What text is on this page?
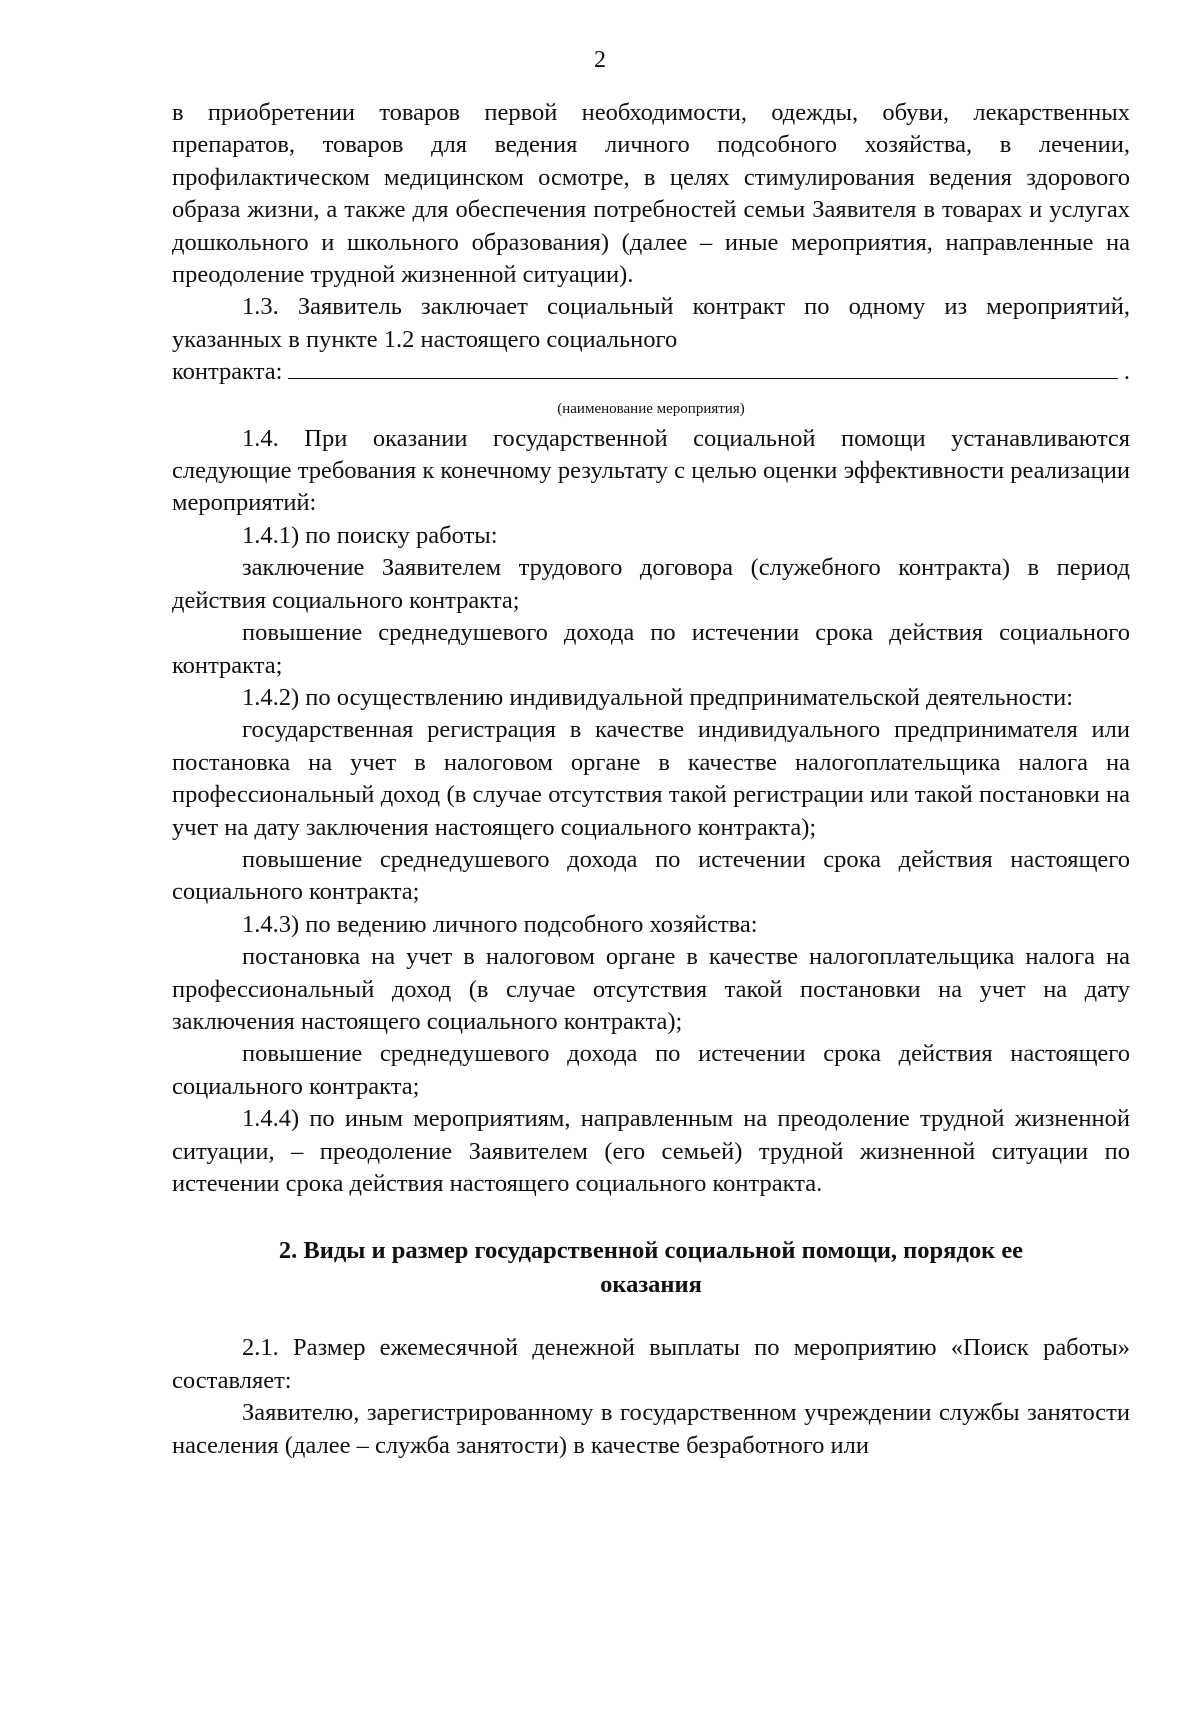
2

в приобретении товаров первой необходимости, одежды, обуви, лекарственных препаратов, товаров для ведения личного подсобного хозяйства, в лечении, профилактическом медицинском осмотре, в целях стимулирования ведения здорового образа жизни, а также для обеспечения потребностей семьи Заявителя в товарах и услугах дошкольного и школьного образования) (далее – иные мероприятия, направленные на преодоление трудной жизненной ситуации).

1.3. Заявитель заключает социальный контракт по одному из мероприятий, указанных в пункте 1.2 настоящего социального

контракта:	.
(наименование мероприятия)

1.4. При оказании государственной социальной помощи устанавливаются следующие требования к конечному результату с целью оценки эффективности реализации мероприятий:

1.4.1) по поиску работы:

заключение Заявителем трудового договора (служебного контракта) в период действия социального контракта;

повышение среднедушевого дохода по истечении срока действия социального контракта;

1.4.2) по осуществлению индивидуальной предпринимательской деятельности:

государственная регистрация в качестве индивидуального предпринимателя или постановка на учет в налоговом органе в качестве налогоплательщика налога на профессиональный доход (в случае отсутствия такой регистрации или такой постановки на учет на дату заключения настоящего социального контракта);

повышение среднедушевого дохода по истечении срока действия настоящего социального контракта;

1.4.3) по ведению личного подсобного хозяйства:

постановка на учет в налоговом органе в качестве налогоплательщика налога на профессиональный доход (в случае отсутствия такой постановки на учет на дату заключения настоящего социального контракта);

повышение среднедушевого дохода по истечении срока действия настоящего социального контракта;

1.4.4) по иным мероприятиям, направленным на преодоление трудной жизненной ситуации, – преодоление Заявителем (его семьей) трудной жизненной ситуации по истечении срока действия настоящего социального контракта.

2. Виды и размер государственной социальной помощи, порядок ее
оказания

2.1. Размер ежемесячной денежной выплаты по мероприятию «Поиск работы» составляет:

Заявителю, зарегистрированному в государственном учреждении службы занятости населения (далее – служба занятости) в качестве безработного или
